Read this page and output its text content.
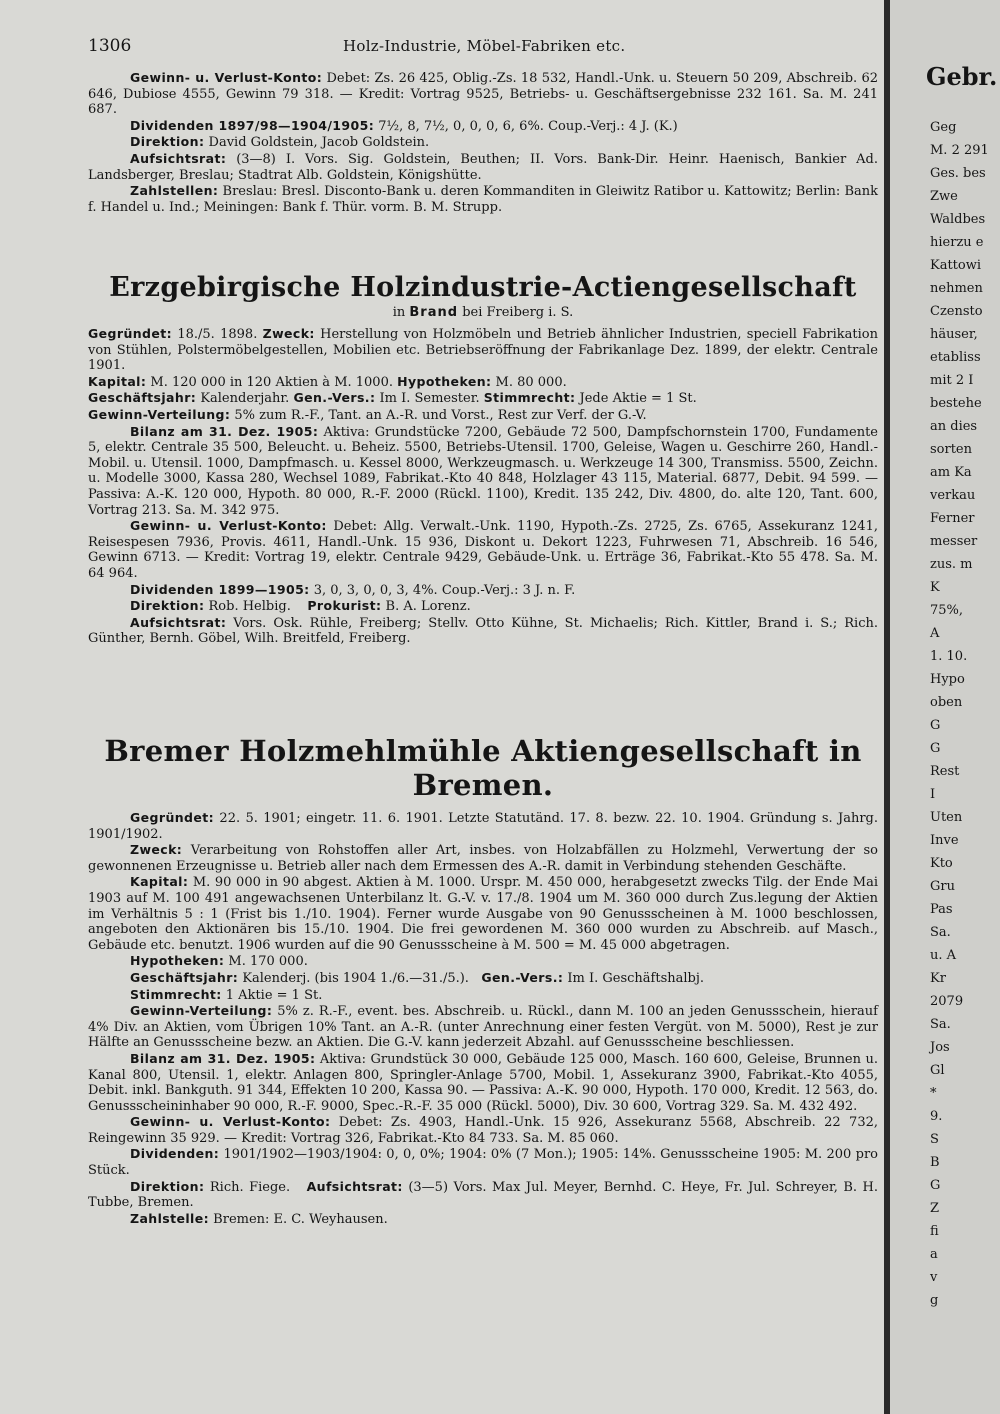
1306	Holz-Industrie, Möbel-Fabriken etc.

Gewinn- u. Verlust-Konto: Debet: Zs. 26 425, Oblig.-Zs. 18 532, Handl.-Unk. u. Steuern 50 209, Abschreib. 62 646, Dubiose 4555, Gewinn 79 318. — Kredit: Vortrag 9525, Betriebs- u. Geschäftsergebnisse 232 161. Sa. M. 241 687.

Dividenden 1897/98—1904/1905: 7½, 8, 7½, 0, 0, 0, 6, 6%. Coup.-Verj.: 4 J. (K.)

Direktion: David Goldstein, Jacob Goldstein.

Aufsichtsrat: (3—8) I. Vors. Sig. Goldstein, Beuthen; II. Vors. Bank-Dir. Heinr. Haenisch, Bankier Ad. Landsberger, Breslau; Stadtrat Alb. Goldstein, Königshütte.

Zahlstellen: Breslau: Bresl. Disconto-Bank u. deren Kommanditen in Gleiwitz Ratibor u. Kattowitz; Berlin: Bank f. Handel u. Ind.; Meiningen: Bank f. Thür. vorm. B. M. Strupp.

Erzgebirgische Holzindustrie-Actiengesellschaft

in Brand bei Freiberg i. S.

Gegründet: 18./5. 1898. Zweck: Herstellung von Holzmöbeln und Betrieb ähnlicher Industrien, speciell Fabrikation von Stühlen, Polstermöbelgestellen, Mobilien etc. Betriebseröffnung der Fabrikanlage Dez. 1899, der elektr. Centrale 1901.

Kapital: M. 120 000 in 120 Aktien à M. 1000. Hypotheken: M. 80 000.

Geschäftsjahr: Kalenderjahr. Gen.-Vers.: Im I. Semester. Stimmrecht: Jede Aktie = 1 St.

Gewinn-Verteilung: 5% zum R.-F., Tant. an A.-R. und Vorst., Rest zur Verf. der G.-V.

Bilanz am 31. Dez. 1905: Aktiva: Grundstücke 7200, Gebäude 72 500, Dampfschornstein 1700, Fundamente 5, elektr. Centrale 35 500, Beleucht. u. Beheiz. 5500, Betriebs-Utensil. 1700, Geleise, Wagen u. Geschirre 260, Handl.-Mobil. u. Utensil. 1000, Dampfmasch. u. Kessel 8000, Werkzeugmasch. u. Werkzeuge 14 300, Transmiss. 5500, Zeichn. u. Modelle 3000, Kassa 280, Wechsel 1089, Fabrikat.-Kto 40 848, Holzlager 43 115, Material. 6877, Debit. 94 599. — Passiva: A.-K. 120 000, Hypoth. 80 000, R.-F. 2000 (Rückl. 1100), Kredit. 135 242, Div. 4800, do. alte 120, Tant. 600, Vortrag 213. Sa. M. 342 975.

Gewinn- u. Verlust-Konto: Debet: Allg. Verwalt.-Unk. 1190, Hypoth.-Zs. 2725, Zs. 6765, Assekuranz 1241, Reisespesen 7936, Provis. 4611, Handl.-Unk. 15 936, Diskont u. Dekort 1223, Fuhrwesen 71, Abschreib. 16 546, Gewinn 6713. — Kredit: Vortrag 19, elektr. Centrale 9429, Gebäude-Unk. u. Erträge 36, Fabrikat.-Kto 55 478. Sa. M. 64 964.

Dividenden 1899—1905: 3, 0, 3, 0, 0, 3, 4%. Coup.-Verj.: 3 J. n. F.

Direktion: Rob. Helbig. Prokurist: B. A. Lorenz.

Aufsichtsrat: Vors. Osk. Rühle, Freiberg; Stellv. Otto Kühne, St. Michaelis; Rich. Kittler, Brand i. S.; Rich. Günther, Bernh. Göbel, Wilh. Breitfeld, Freiberg.

Bremer Holzmehlmühle Aktiengesellschaft in Bremen.

Gegründet: 22. 5. 1901; eingetr. 11. 6. 1901. Letzte Statutänd. 17. 8. bezw. 22. 10. 1904. Gründung s. Jahrg. 1901/1902.

Zweck: Verarbeitung von Rohstoffen aller Art, insbes. von Holzabfällen zu Holzmehl, Verwertung der so gewonnenen Erzeugnisse u. Betrieb aller nach dem Ermessen des A.-R. damit in Verbindung stehenden Geschäfte.

Kapital: M. 90 000 in 90 abgest. Aktien à M. 1000. Urspr. M. 450 000, herabgesetzt zwecks Tilg. der Ende Mai 1903 auf M. 100 491 angewachsenen Unterbilanz lt. G.-V. v. 17./8. 1904 um M. 360 000 durch Zus.legung der Aktien im Verhältnis 5 : 1 (Frist bis 1./10. 1904). Ferner wurde Ausgabe von 90 Genussscheinen à M. 1000 beschlossen, angeboten den Aktionären bis 15./10. 1904. Die frei gewordenen M. 360 000 wurden zu Abschreib. auf Masch., Gebäude etc. benutzt. 1906 wurden auf die 90 Genussscheine à M. 500 = M. 45 000 abgetragen.

Hypotheken: M. 170 000.

Geschäftsjahr: Kalenderj. (bis 1904 1./6.—31./5.). Gen.-Vers.: Im I. Geschäftshalbj.

Stimmrecht: 1 Aktie = 1 St.

Gewinn-Verteilung: 5% z. R.-F., event. bes. Abschreib. u. Rückl., dann M. 100 an jeden Genussschein, hierauf 4% Div. an Aktien, vom Übrigen 10% Tant. an A.-R. (unter Anrechnung einer festen Vergüt. von M. 5000), Rest je zur Hälfte an Genussscheine bezw. an Aktien. Die G.-V. kann jederzeit Abzahl. auf Genussscheine beschliessen.

Bilanz am 31. Dez. 1905: Aktiva: Grundstück 30 000, Gebäude 125 000, Masch. 160 600, Geleise, Brunnen u. Kanal 800, Utensil. 1, elektr. Anlagen 800, Springler-Anlage 5700, Mobil. 1, Assekuranz 3900, Fabrikat.-Kto 4055, Debit. inkl. Bankguth. 91 344, Effekten 10 200, Kassa 90. — Passiva: A.-K. 90 000, Hypoth. 170 000, Kredit. 12 563, do. Genussscheininhaber 90 000, R.-F. 9000, Spec.-R.-F. 35 000 (Rückl. 5000), Div. 30 600, Vortrag 329. Sa. M. 432 492.

Gewinn- u. Verlust-Konto: Debet: Zs. 4903, Handl.-Unk. 15 926, Assekuranz 5568, Abschreib. 22 732, Reingewinn 35 929. — Kredit: Vortrag 326, Fabrikat.-Kto 84 733. Sa. M. 85 060.

Dividenden: 1901/1902—1903/1904: 0, 0, 0%; 1904: 0% (7 Mon.); 1905: 14%. Genussscheine 1905: M. 200 pro Stück.

Direktion: Rich. Fiege. Aufsichtsrat: (3—5) Vors. Max Jul. Meyer, Bernhd. C. Heye, Fr. Jul. Schreyer, B. H. Tubbe, Bremen.

Zahlstelle: Bremen: E. C. Weyhausen.

Gebr.
Geg
M. 2 291
Ges. bes
Zwe
Waldbes
hierzu e
Kattowi
nehmen
Czensto
häuser,
etabliss
mit 2 I
bestehe
an dies
sorten
am Ka
verkau
Ferner
messer
zus. m
K
75%,
A
1. 10.
Hypo
oben
G
G
Rest
I
Uten
Inve
Kto
Gru
Pas
Sa.
u. A
Kr
2079
Sa.
Jos
Gl
*
9.
S
B
G
Z
fi
a
v
g
